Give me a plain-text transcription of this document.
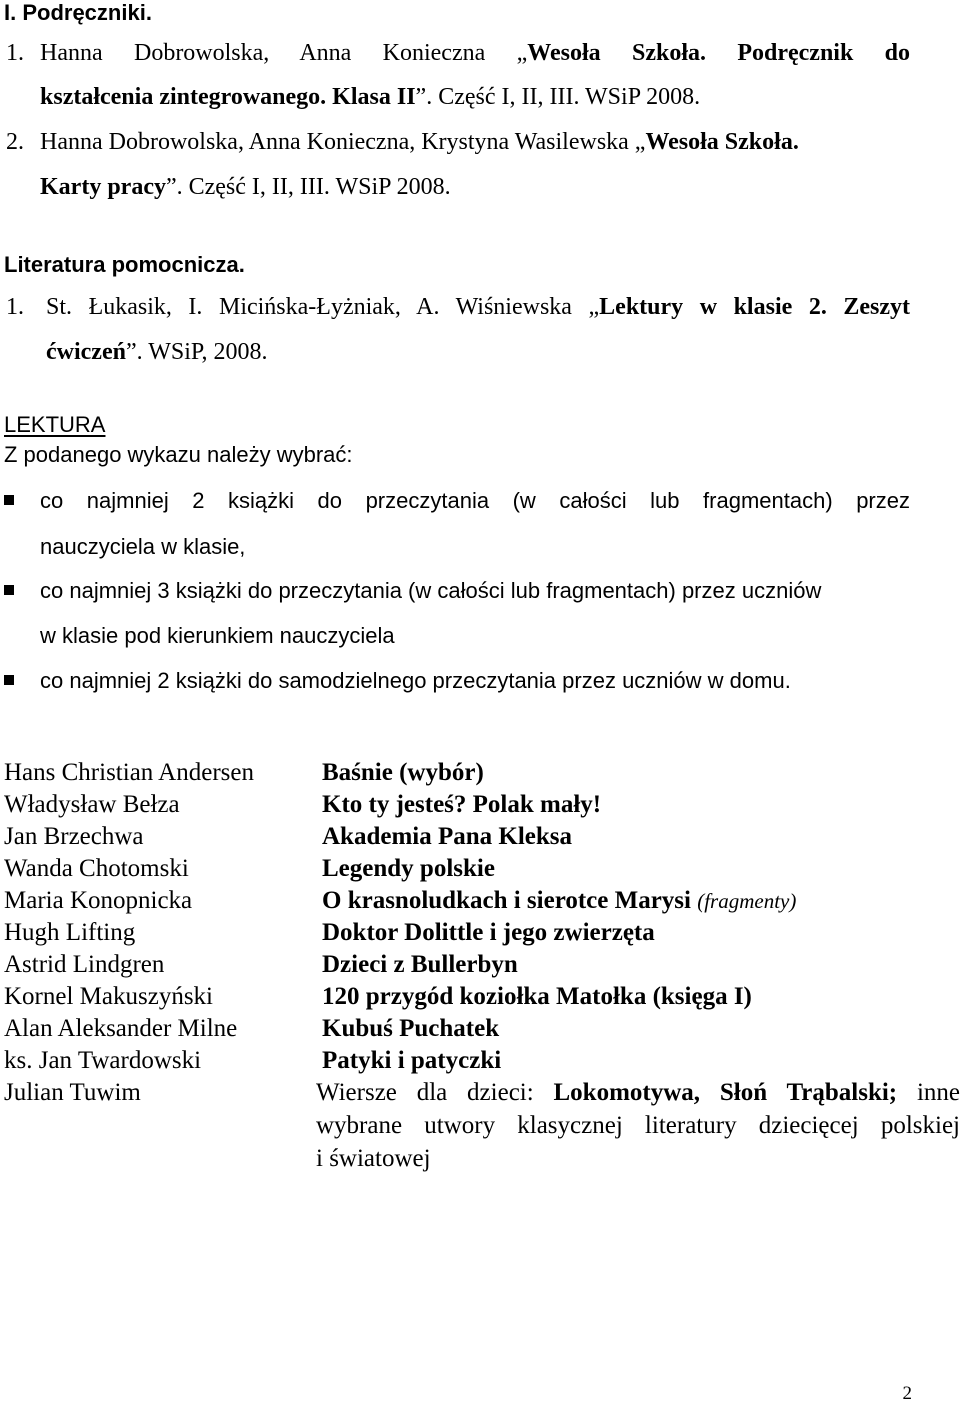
I. Podręczniki.
1. Hanna Dobrowolska, Anna Konieczna „Wesoła Szkoła. Podręcznik do
kształcenia zintegrowanego. Klasa II”. Część I, II, III. WSiP 2008.
2. Hanna Dobrowolska, Anna Konieczna, Krystyna Wasilewska „Wesoła Szkoła.
Karty pracy”. Część I, II, III. WSiP 2008.
Literatura pomocnicza.
1. St. Łukasik, I. Micińska-Łyżniak, A. Wiśniewska „Lektury w klasie 2. Zeszyt
ćwiczeń”. WSiP, 2008.
LEKTURA
Z podanego wykazu należy wybrać:
co najmniej 2 książki do przeczytania (w całości lub fragmentach) przez
nauczyciela w klasie,
co najmniej 3 książki do przeczytania (w całości lub fragmentach) przez uczniów
w klasie pod kierunkiem nauczyciela
co najmniej 2 książki do samodzielnego przeczytania przez uczniów w domu.
Hans Christian Andersen	Baśnie (wybór)
Władysław Bełza	Kto ty jesteś? Polak mały!
Jan Brzechwa	Akademia Pana Kleksa
Wanda Chotomski	Legendy polskie
Maria Konopnicka	O krasnoludkach i sierotce Marysi (fragmenty)
Hugh Lifting	Doktor Dolittle i jego zwierzęta
Astrid Lindgren	Dzieci z Bullerbyn
Kornel Makuszyński	120 przygód koziołka Matołka (księga I)
Alan Aleksander Milne	Kubuś Puchatek
ks. Jan Twardowski	Patyki i patyczki
Julian Tuwim	Wiersze dla dzieci: Lokomotywa, Słoń Trąbalski; inne
wybrane utwory klasycznej literatury dziecięcej polskiej
i światowej
2
